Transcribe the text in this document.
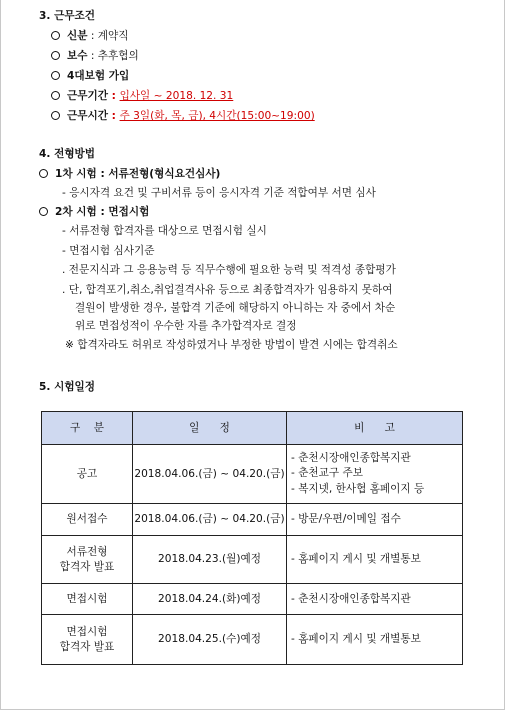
3. 근무조건
신분 : 계약직
보수 : 추후협의
4대보험 가입
근무기간 : 입사일 ~ 2018. 12. 31
근무시간 : 주 3일(화, 목, 금), 4시간(15:00~19:00)
4. 전형방법
1차 시험 : 서류전형(형식요건심사)
- 응시자격 요건 및 구비서류 등이 응시자격 기준 적합여부 서면 심사
2차 시험 : 면접시험
- 서류전형 합격자를 대상으로 면접시험 실시
- 면접시험 심사기준
. 전문지식과 그 응용능력 등 직무수행에 필요한 능력 및 적격성 종합평가
. 단, 합격포기,취소,취업결격사유 등으로 최종합격자가 임용하지 못하여
결원이 발생한 경우, 불합격 기준에 해당하지 아니하는 자 중에서 차순
위로 면접성적이 우수한 자를 추가합격자로 결정
※ 합격자라도 허위로 작성하였거나 부정한 방법이 발견 시에는 합격취소
5. 시험일정
구    분	일      정	비      고
공고	2018.04.06.(금) ~ 04.20.(금)	- 춘천시장애인종합복지관
- 춘천교구 주보
- 복지넷, 한사협 홈페이지 등

원서접수	2018.04.06.(금) ~ 04.20.(금)	- 방문/우편/이메일 접수

서류전형
합격자 발표	2018.04.23.(월)예정	- 홈페이지 게시 및 개별통보
면접시험	2018.04.24.(화)예정	- 춘천시장애인종합복지관

면접시험
합격자 발표	2018.04.25.(수)예정	- 홈페이지 게시 및 개별통보
